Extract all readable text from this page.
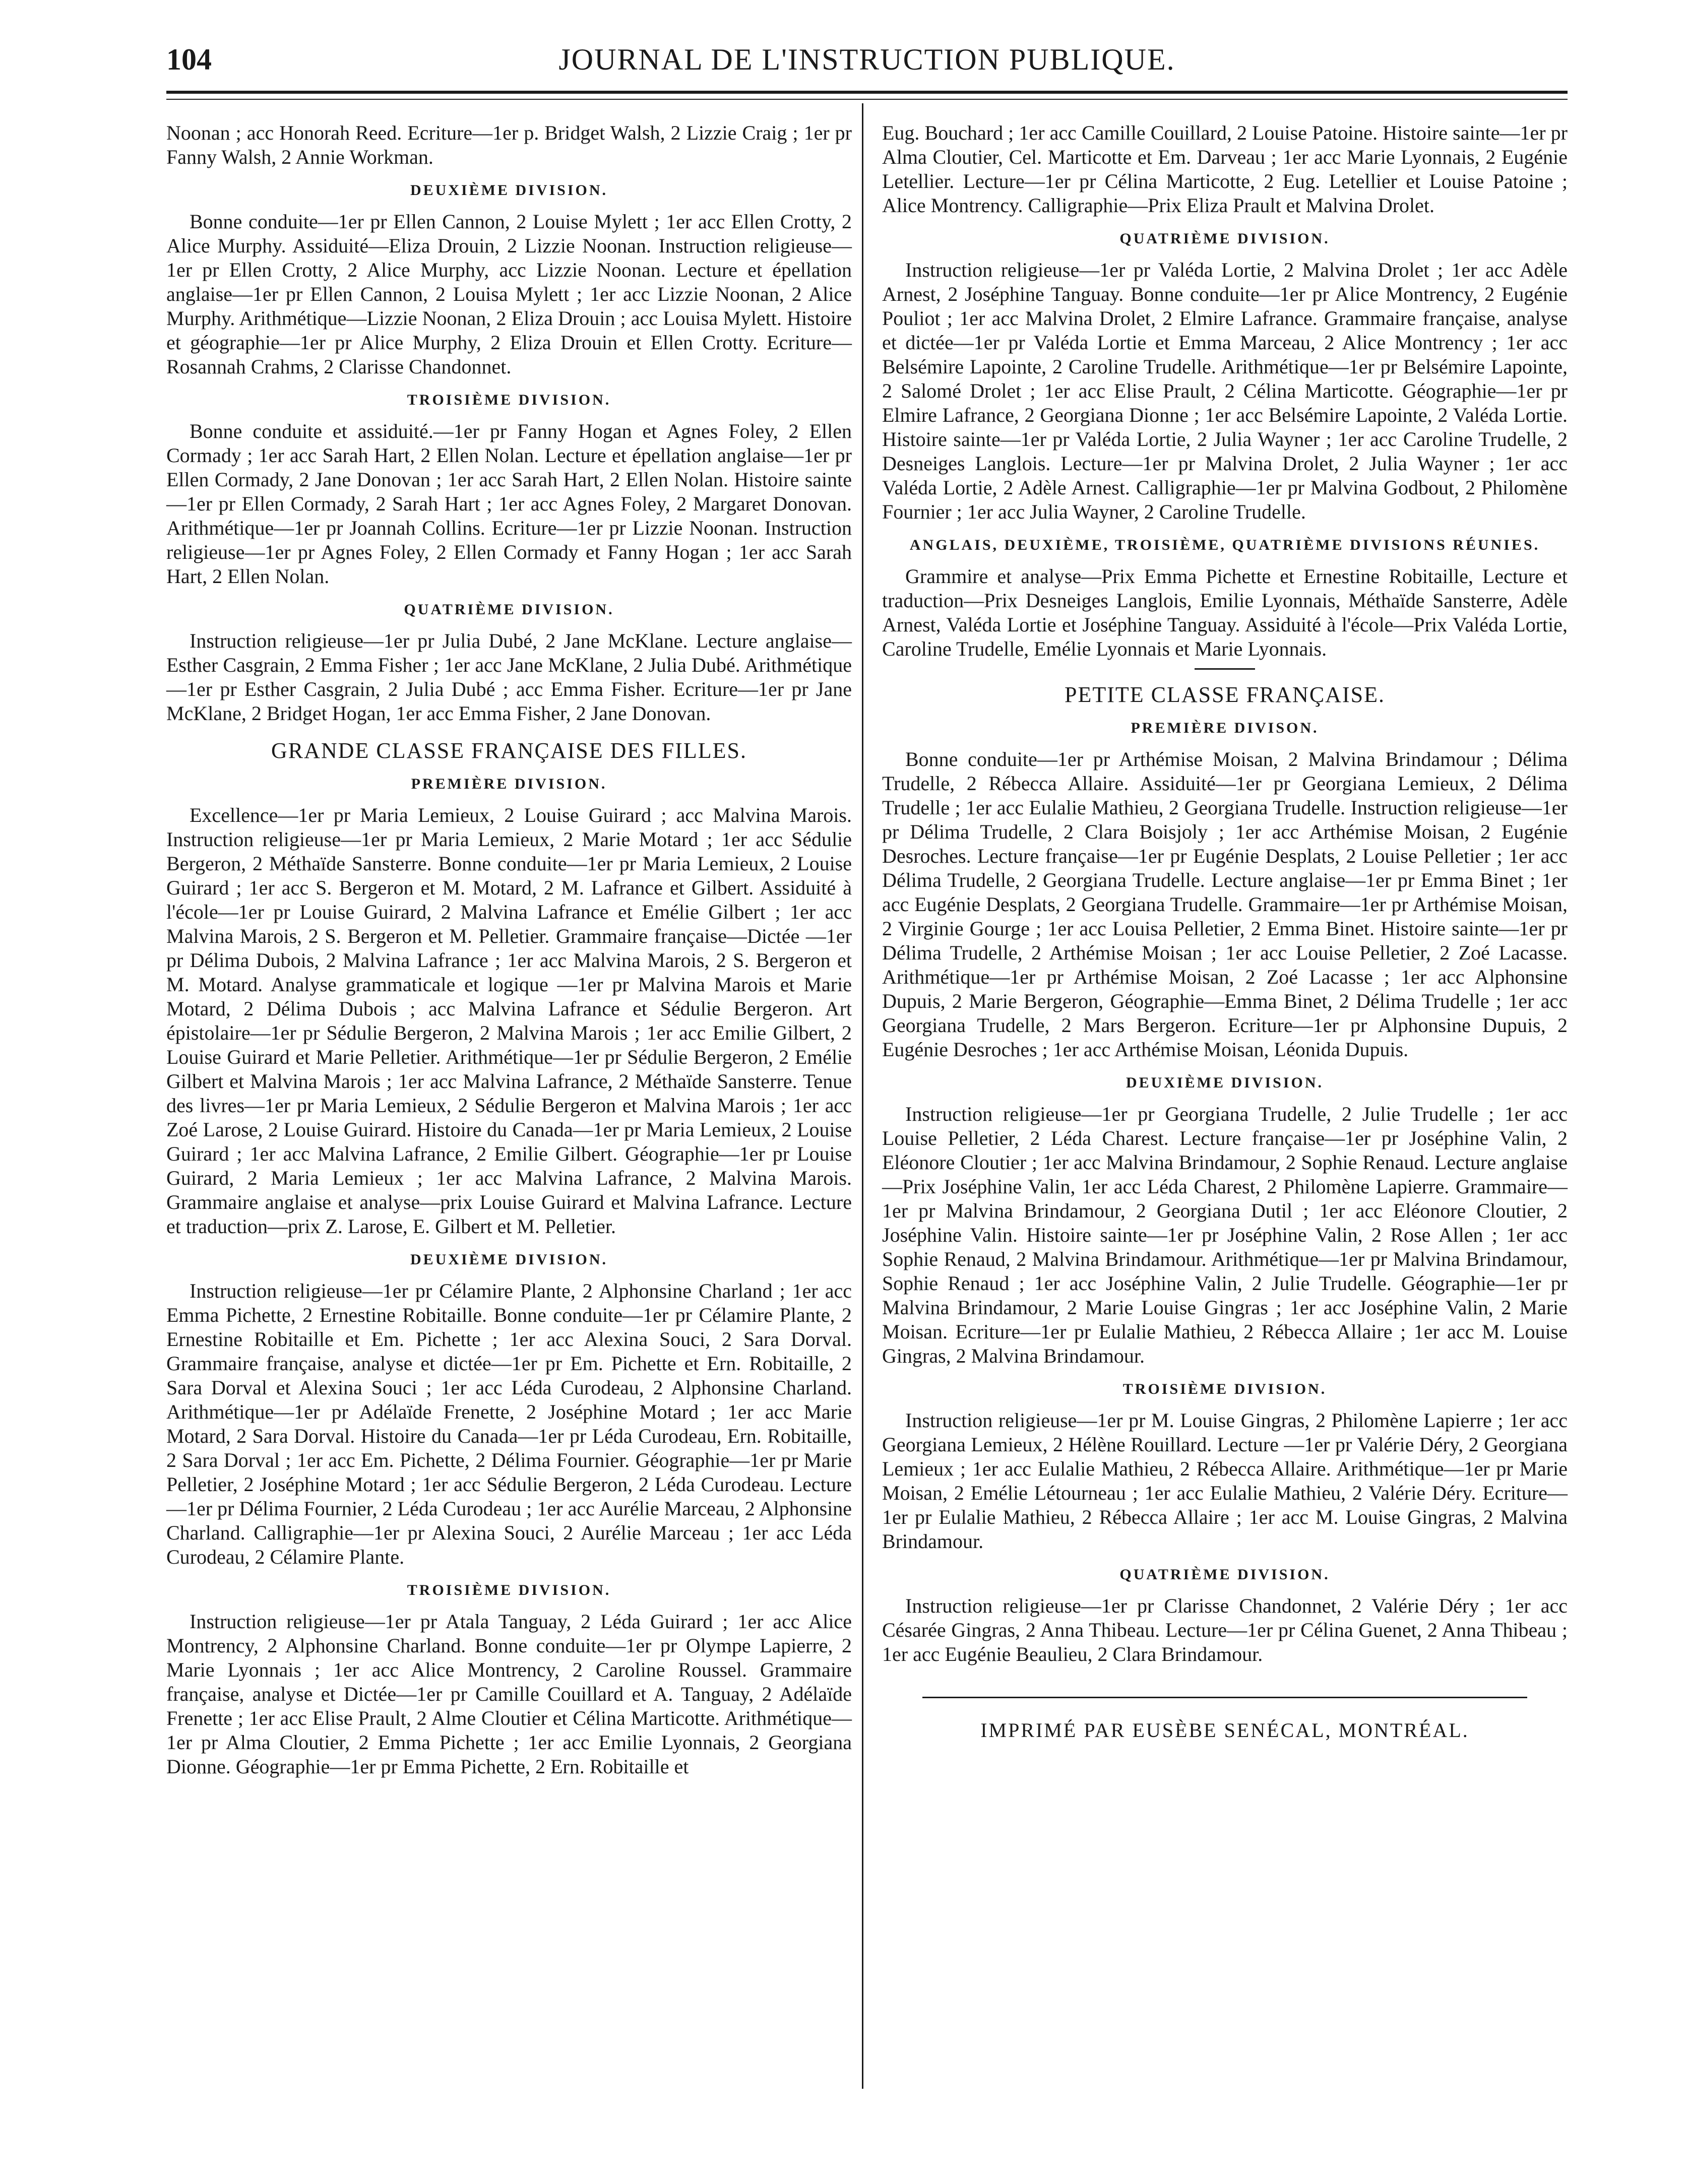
104	JOURNAL DE L'INSTRUCTION PUBLIQUE.

Noonan ; acc Honorah Reed. Ecriture—1er p. Bridget Walsh, 2 Lizzie Craig ; 1er pr Fanny Walsh, 2 Annie Workman.

DEUXIÈME DIVISION.

Bonne conduite—1er pr Ellen Cannon, 2 Louise Mylett ; 1er acc Ellen Crotty, 2 Alice Murphy. Assiduité—Eliza Drouin, 2 Lizzie Noonan. Instruction religieuse—1er pr Ellen Crotty, 2 Alice Murphy, acc Lizzie Noonan. Lecture et épellation anglaise—1er pr Ellen Cannon, 2 Louisa Mylett ; 1er acc Lizzie Noonan, 2 Alice Murphy. Arithmétique—Lizzie Noonan, 2 Eliza Drouin ; acc Louisa Mylett. Histoire et géographie—1er pr Alice Murphy, 2 Eliza Drouin et Ellen Crotty. Ecriture—Rosannah Crahms, 2 Clarisse Chandonnet.

TROISIÈME DIVISION.

Bonne conduite et assiduité.—1er pr Fanny Hogan et Agnes Foley, 2 Ellen Cormady ; 1er acc Sarah Hart, 2 Ellen Nolan. Lecture et épellation anglaise—1er pr Ellen Cormady, 2 Jane Donovan ; 1er acc Sarah Hart, 2 Ellen Nolan. Histoire sainte—1er pr Ellen Cormady, 2 Sarah Hart ; 1er acc Agnes Foley, 2 Margaret Donovan. Arithmétique—1er pr Joannah Collins. Ecriture—1er pr Lizzie Noonan. Instruction religieuse—1er pr Agnes Foley, 2 Ellen Cormady et Fanny Hogan ; 1er acc Sarah Hart, 2 Ellen Nolan.

QUATRIÈME DIVISION.

Instruction religieuse—1er pr Julia Dubé, 2 Jane McKlane. Lecture anglaise—Esther Casgrain, 2 Emma Fisher ; 1er acc Jane McKlane, 2 Julia Dubé. Arithmétique—1er pr Esther Casgrain, 2 Julia Dubé ; acc Emma Fisher. Ecriture—1er pr Jane McKlane, 2 Bridget Hogan, 1er acc Emma Fisher, 2 Jane Donovan.

GRANDE CLASSE FRANÇAISE DES FILLES.
PREMIÈRE DIVISION.

Excellence—1er pr Maria Lemieux, 2 Louise Guirard ; acc Malvina Marois. Instruction religieuse—1er pr Maria Lemieux, 2 Marie Motard ; 1er acc Sédulie Bergeron, 2 Méthaïde Sansterre. Bonne conduite—1er pr Maria Lemieux, 2 Louise Guirard ; 1er acc S. Bergeron et M. Motard, 2 M. Lafrance et Gilbert. Assiduité à l'école—1er pr Louise Guirard, 2 Malvina Lafrance et Emélie Gilbert ; 1er acc Malvina Marois, 2 S. Bergeron et M. Pelletier. Grammaire française—Dictée —1er pr Délima Dubois, 2 Malvina Lafrance ; 1er acc Malvina Marois, 2 S. Bergeron et M. Motard. Analyse grammaticale et logique —1er pr Malvina Marois et Marie Motard, 2 Délima Dubois ; acc Malvina Lafrance et Sédulie Bergeron. Art épistolaire—1er pr Sédulie Bergeron, 2 Malvina Marois ; 1er acc Emilie Gilbert, 2 Louise Guirard et Marie Pelletier. Arithmétique—1er pr Sédulie Bergeron, 2 Emélie Gilbert et Malvina Marois ; 1er acc Malvina Lafrance, 2 Méthaïde Sansterre. Tenue des livres—1er pr Maria Lemieux, 2 Sédulie Bergeron et Malvina Marois ; 1er acc Zoé Larose, 2 Louise Guirard. Histoire du Canada—1er pr Maria Lemieux, 2 Louise Guirard ; 1er acc Malvina Lafrance, 2 Emilie Gilbert. Géographie—1er pr Louise Guirard, 2 Maria Lemieux ; 1er acc Malvina Lafrance, 2 Malvina Marois. Grammaire anglaise et analyse—prix Louise Guirard et Malvina Lafrance. Lecture et traduction—prix Z. Larose, E. Gilbert et M. Pelletier.

DEUXIÈME DIVISION.

Instruction religieuse—1er pr Célamire Plante, 2 Alphonsine Charland ; 1er acc Emma Pichette, 2 Ernestine Robitaille. Bonne conduite—1er pr Célamire Plante, 2 Ernestine Robitaille et Em. Pichette ; 1er acc Alexina Souci, 2 Sara Dorval. Grammaire française, analyse et dictée—1er pr Em. Pichette et Ern. Robitaille, 2 Sara Dorval et Alexina Souci ; 1er acc Léda Curodeau, 2 Alphonsine Charland. Arithmétique—1er pr Adélaïde Frenette, 2 Joséphine Motard ; 1er acc Marie Motard, 2 Sara Dorval. Histoire du Canada—1er pr Léda Curodeau, Ern. Robitaille, 2 Sara Dorval ; 1er acc Em. Pichette, 2 Délima Fournier. Géographie—1er pr Marie Pelletier, 2 Joséphine Motard ; 1er acc Sédulie Bergeron, 2 Léda Curodeau. Lecture—1er pr Délima Fournier, 2 Léda Curodeau ; 1er acc Aurélie Marceau, 2 Alphonsine Charland. Calligraphie—1er pr Alexina Souci, 2 Aurélie Marceau ; 1er acc Léda Curodeau, 2 Célamire Plante.

TROISIÈME DIVISION.

Instruction religieuse—1er pr Atala Tanguay, 2 Léda Guirard ; 1er acc Alice Montrency, 2 Alphonsine Charland. Bonne conduite—1er pr Olympe Lapierre, 2 Marie Lyonnais ; 1er acc Alice Montrency, 2 Caroline Roussel. Grammaire française, analyse et Dictée—1er pr Camille Couillard et A. Tanguay, 2 Adélaïde Frenette ; 1er acc Elise Prault, 2 Alme Cloutier et Célina Marticotte. Arithmétique—1er pr Alma Cloutier, 2 Emma Pichette ; 1er acc Emilie Lyonnais, 2 Georgiana Dionne. Géographie—1er pr Emma Pichette, 2 Ern. Robitaille et

Eug. Bouchard ; 1er acc Camille Couillard, 2 Louise Patoine. Histoire sainte—1er pr Alma Cloutier, Cel. Marticotte et Em. Darveau ; 1er acc Marie Lyonnais, 2 Eugénie Letellier. Lecture—1er pr Célina Marticotte, 2 Eug. Letellier et Louise Patoine ; Alice Montrency. Calligraphie—Prix Eliza Prault et Malvina Drolet.

QUATRIÈME DIVISION.

Instruction religieuse—1er pr Valéda Lortie, 2 Malvina Drolet ; 1er acc Adèle Arnest, 2 Joséphine Tanguay. Bonne conduite—1er pr Alice Montrency, 2 Eugénie Pouliot ; 1er acc Malvina Drolet, 2 Elmire Lafrance. Grammaire française, analyse et dictée—1er pr Valéda Lortie et Emma Marceau, 2 Alice Montrency ; 1er acc Belsémire Lapointe, 2 Caroline Trudelle. Arithmétique—1er pr Belsémire Lapointe, 2 Salomé Drolet ; 1er acc Elise Prault, 2 Célina Marticotte. Géographie—1er pr Elmire Lafrance, 2 Georgiana Dionne ; 1er acc Belsémire Lapointe, 2 Valéda Lortie. Histoire sainte—1er pr Valéda Lortie, 2 Julia Wayner ; 1er acc Caroline Trudelle, 2 Desneiges Langlois. Lecture—1er pr Malvina Drolet, 2 Julia Wayner ; 1er acc Valéda Lortie, 2 Adèle Arnest. Calligraphie—1er pr Malvina Godbout, 2 Philomène Fournier ; 1er acc Julia Wayner, 2 Caroline Trudelle.

ANGLAIS, DEUXIÈME, TROISIÈME, QUATRIÈME DIVISIONS RÉUNIES.

Grammire et analyse—Prix Emma Pichette et Ernestine Robitaille, Lecture et traduction—Prix Desneiges Langlois, Emilie Lyonnais, Méthaïde Sansterre, Adèle Arnest, Valéda Lortie et Joséphine Tanguay. Assiduité à l'école—Prix Valéda Lortie, Caroline Trudelle, Emélie Lyonnais et Marie Lyonnais.

PETITE CLASSE FRANÇAISE.
PREMIÈRE DIVISON.

Bonne conduite—1er pr Arthémise Moisan, 2 Malvina Brindamour ; Délima Trudelle, 2 Rébecca Allaire. Assiduité—1er pr Georgiana Lemieux, 2 Délima Trudelle ; 1er acc Eulalie Mathieu, 2 Georgiana Trudelle. Instruction religieuse—1er pr Délima Trudelle, 2 Clara Boisjoly ; 1er acc Arthémise Moisan, 2 Eugénie Desroches. Lecture française—1er pr Eugénie Desplats, 2 Louise Pelletier ; 1er acc Délima Trudelle, 2 Georgiana Trudelle. Lecture anglaise—1er pr Emma Binet ; 1er acc Eugénie Desplats, 2 Georgiana Trudelle. Grammaire—1er pr Arthémise Moisan, 2 Virginie Gourge ; 1er acc Louisa Pelletier, 2 Emma Binet. Histoire sainte—1er pr Délima Trudelle, 2 Arthémise Moisan ; 1er acc Louise Pelletier, 2 Zoé Lacasse. Arithmétique—1er pr Arthémise Moisan, 2 Zoé Lacasse ; 1er acc Alphonsine Dupuis, 2 Marie Bergeron, Géographie—Emma Binet, 2 Délima Trudelle ; 1er acc Georgiana Trudelle, 2 Mars Bergeron. Ecriture—1er pr Alphonsine Dupuis, 2 Eugénie Desroches ; 1er acc Arthémise Moisan, Léonida Dupuis.

DEUXIÈME DIVISION.

Instruction religieuse—1er pr Georgiana Trudelle, 2 Julie Trudelle ; 1er acc Louise Pelletier, 2 Léda Charest. Lecture française—1er pr Joséphine Valin, 2 Eléonore Cloutier ; 1er acc Malvina Brindamour, 2 Sophie Renaud. Lecture anglaise—Prix Joséphine Valin, 1er acc Léda Charest, 2 Philomène Lapierre. Grammaire—1er pr Malvina Brindamour, 2 Georgiana Dutil ; 1er acc Eléonore Cloutier, 2 Joséphine Valin. Histoire sainte—1er pr Joséphine Valin, 2 Rose Allen ; 1er acc Sophie Renaud, 2 Malvina Brindamour. Arithmétique—1er pr Malvina Brindamour, Sophie Renaud ; 1er acc Joséphine Valin, 2 Julie Trudelle. Géographie—1er pr Malvina Brindamour, 2 Marie Louise Gingras ; 1er acc Joséphine Valin, 2 Marie Moisan. Ecriture—1er pr Eulalie Mathieu, 2 Rébecca Allaire ; 1er acc M. Louise Gingras, 2 Malvina Brindamour.

TROISIÈME DIVISION.

Instruction religieuse—1er pr M. Louise Gingras, 2 Philomène Lapierre ; 1er acc Georgiana Lemieux, 2 Hélène Rouillard. Lecture —1er pr Valérie Déry, 2 Georgiana Lemieux ; 1er acc Eulalie Mathieu, 2 Rébecca Allaire. Arithmétique—1er pr Marie Moisan, 2 Emélie Létourneau ; 1er acc Eulalie Mathieu, 2 Valérie Déry. Ecriture—1er pr Eulalie Mathieu, 2 Rébecca Allaire ; 1er acc M. Louise Gingras, 2 Malvina Brindamour.

QUATRIÈME DIVISION.

Instruction religieuse—1er pr Clarisse Chandonnet, 2 Valérie Déry ; 1er acc Césarée Gingras, 2 Anna Thibeau. Lecture—1er pr Célina Guenet, 2 Anna Thibeau ; 1er acc Eugénie Beaulieu, 2 Clara Brindamour.

IMPRIMÉ PAR EUSÈBE SENÉCAL, MONTRÉAL.
